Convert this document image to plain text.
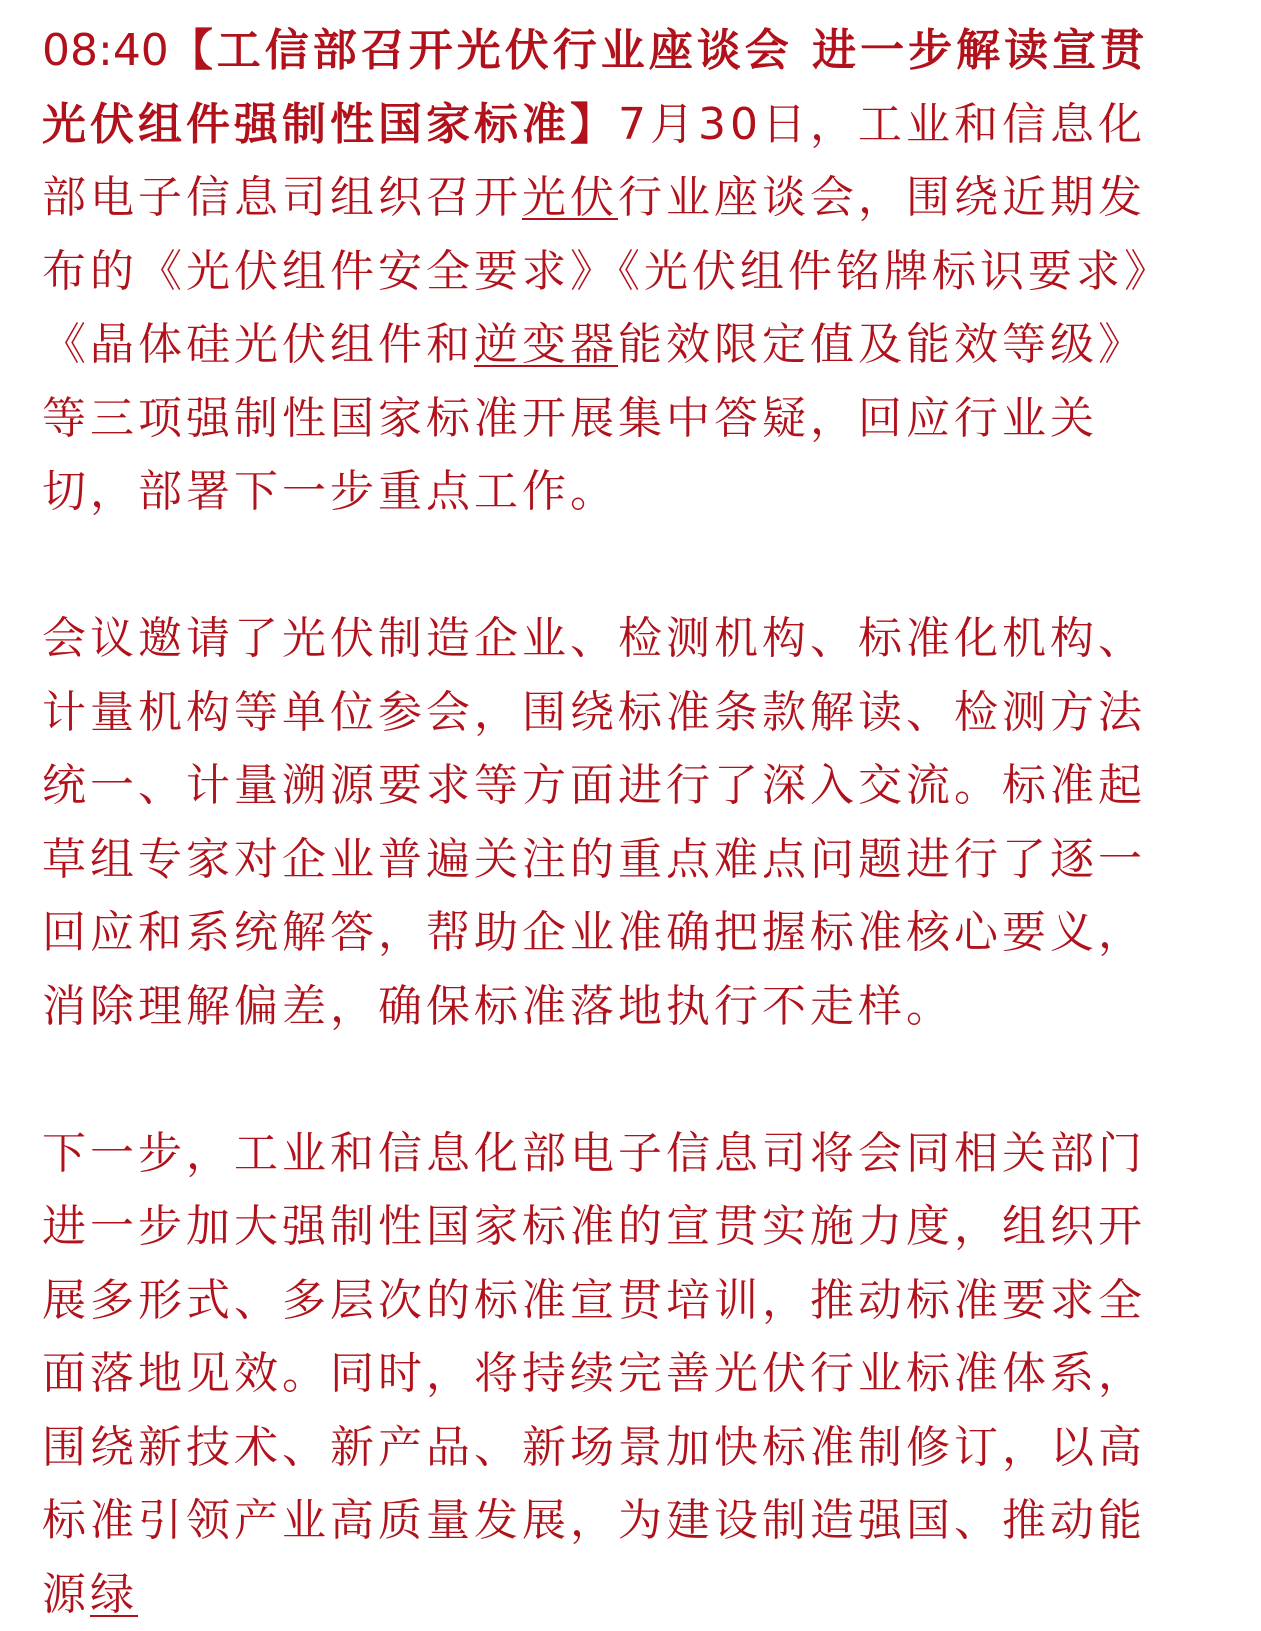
08:40【工信部召开光伏行业座谈会 进一步解读宣贯光伏组件强制性国家标准】7月30日，工业和信息化部电子信息司组织召开光伏行业座谈会，围绕近期发布的《光伏组件安全要求》《光伏组件铭牌标识要求》《晶体硅光伏组件和逆变器能效限定值及能效等级》等三项强制性国家标准开展集中答疑，回应行业关切，部署下一步重点工作。

会议邀请了光伏制造企业、检测机构、标准化机构、计量机构等单位参会，围绕标准条款解读、检测方法统一、计量溯源要求等方面进行了深入交流。标准起草组专家对企业普遍关注的重点难点问题进行了逐一回应和系统解答，帮助企业准确把握标准核心要义，消除理解偏差，确保标准落地执行不走样。

下一步，工业和信息化部电子信息司将会同相关部门进一步加大强制性国家标准的宣贯实施力度，组织开展多形式、多层次的标准宣贯培训，推动标准要求全面落地见效。同时，将持续完善光伏行业标准体系，围绕新技术、新产品、新场景加快标准制修订，以高标准引领产业高质量发展，为建设制造强国、推动能源绿
